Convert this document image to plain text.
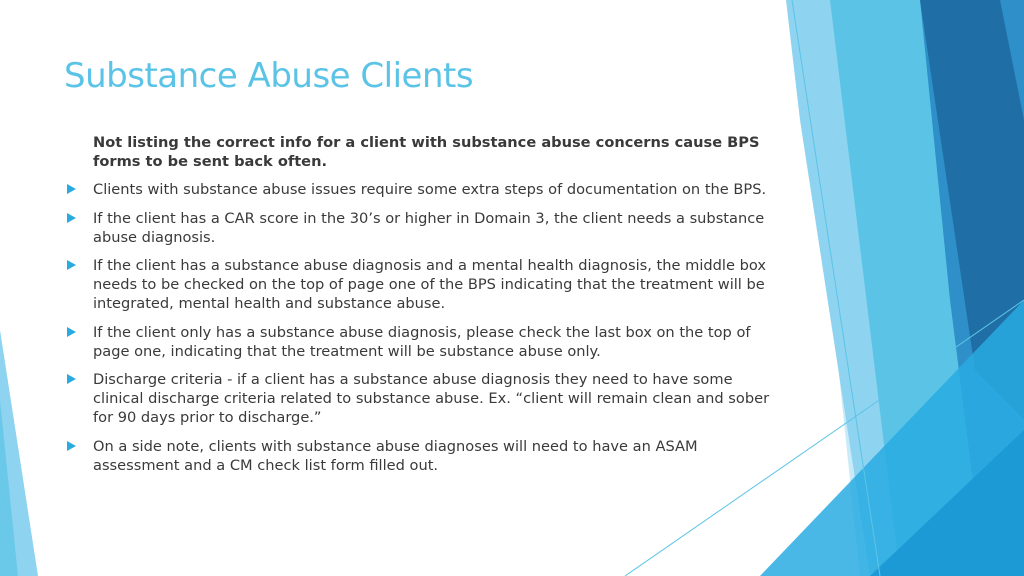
Substance Abuse Clients
Not listing the correct info for a client with substance abuse concerns cause BPS forms to be sent back often.
Clients with substance abuse issues require some extra steps of documentation on the BPS.
If the client has a CAR score in the 30’s or higher in Domain 3, the client needs a substance abuse diagnosis.
If the client has a substance abuse diagnosis and a mental health diagnosis, the middle box needs to be checked on the top of page one of the BPS indicating that the treatment will be integrated, mental health and substance abuse.
If the client only has a substance abuse diagnosis, please check the last box on the top of page one, indicating that the treatment will be substance abuse only.
Discharge criteria - if a client has a substance abuse diagnosis they need to have some clinical discharge criteria related to substance abuse. Ex. “client will remain clean and sober for 90 days prior to discharge.”
On a side note, clients with substance abuse diagnoses will need to have an ASAM assessment and a CM check list form filled out.
